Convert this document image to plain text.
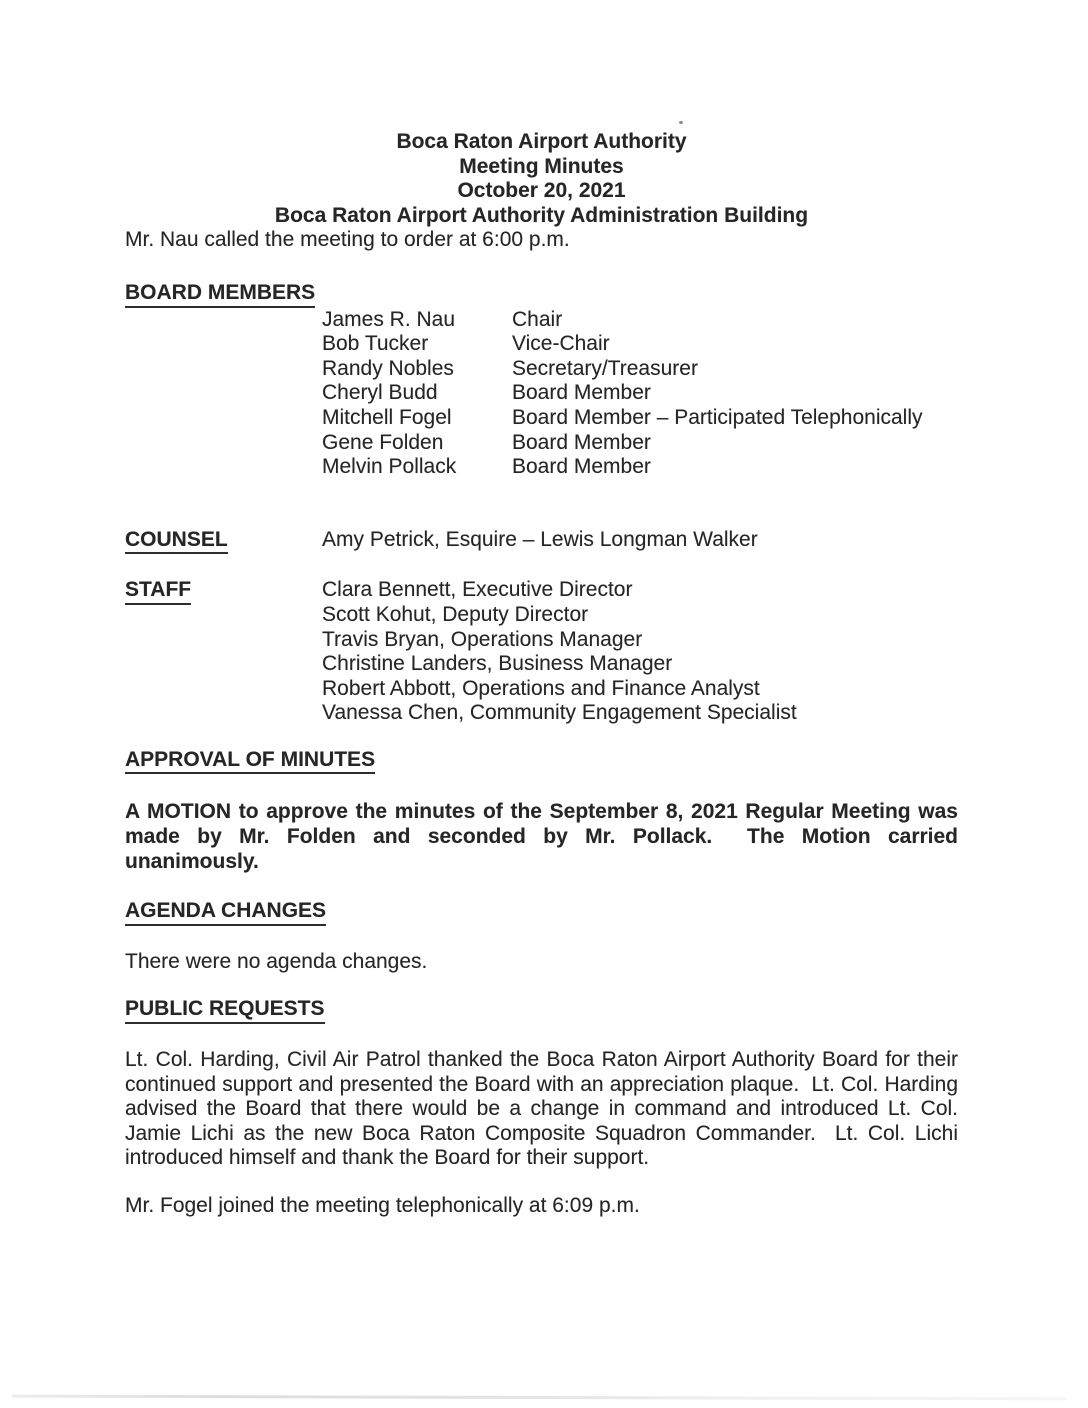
Boca Raton Airport Authority
Meeting Minutes
October 20, 2021
Boca Raton Airport Authority Administration Building

Mr. Nau called the meeting to order at 6:00 p.m.

BOARD MEMBERS
James R. Nau	Chair
Bob Tucker	Vice-Chair
Randy Nobles	Secretary/Treasurer
Cheryl Budd	Board Member
Mitchell Fogel	Board Member – Participated Telephonically
Gene Folden	Board Member
Melvin Pollack	Board Member
COUNSEL	Amy Petrick, Esquire – Lewis Longman Walker
STAFF	Clara Bennett, Executive Director
Scott Kohut, Deputy Director
Travis Bryan, Operations Manager
Christine Landers, Business Manager
Robert Abbott, Operations and Finance Analyst
Vanessa Chen, Community Engagement Specialist
APPROVAL OF MINUTES

A MOTION to approve the minutes of the September 8, 2021 Regular Meeting was made by Mr. Folden and seconded by Mr. Pollack.  The Motion carried unanimously.

AGENDA CHANGES

There were no agenda changes.

PUBLIC REQUESTS

Lt. Col. Harding, Civil Air Patrol thanked the Boca Raton Airport Authority Board for their continued support and presented the Board with an appreciation plaque.  Lt. Col. Harding advised the Board that there would be a change in command and introduced Lt. Col. Jamie Lichi as the new Boca Raton Composite Squadron Commander.  Lt. Col. Lichi introduced himself and thank the Board for their support.

Mr. Fogel joined the meeting telephonically at 6:09 p.m.
